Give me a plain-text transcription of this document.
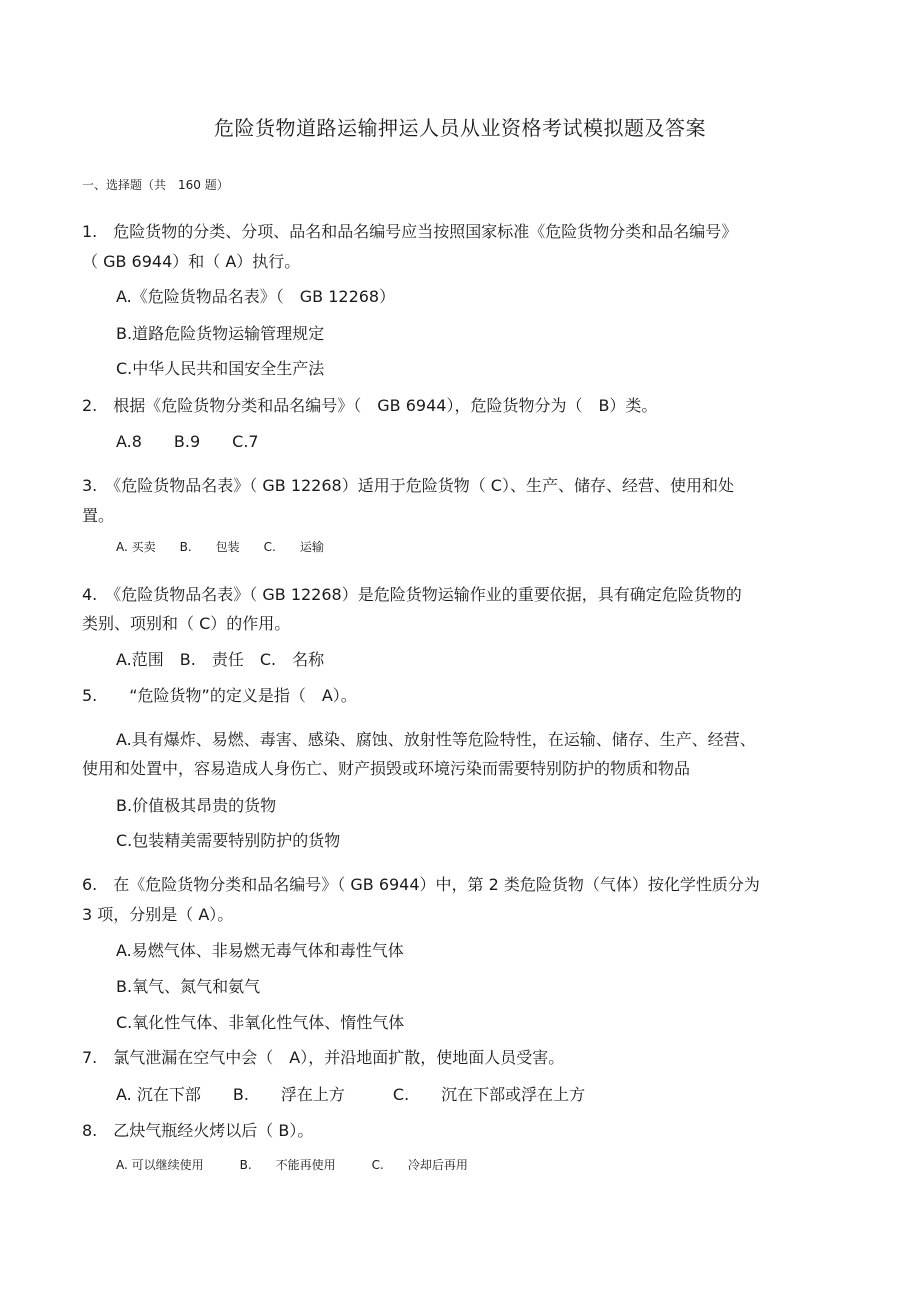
危险货物道路运输押运人员从业资格考试模拟题及答案
一、选择题（共　160 题）
1.　危险货物的分类、分项、品名和品名编号应当按照国家标准《危险货物分类和品名编号》
（ GB 6944）和（ A）执行。
A.《危险货物品名表》（　GB 12268）
B.道路危险货物运输管理规定
C.中华人民共和国安全生产法
2.　根据《危险货物分类和品名编号》（　GB 6944），危险货物分为（　B）类。
A.8　　B.9　　C.7
3.　《危险货物品名表》（ GB 12268）适用于危险货物（ C）、生产、储存、经营、使用和处
置。
A. 买卖　　B.　　包装　　C.　　运输
4.　《危险货物品名表》（ GB 12268）是危险货物运输作业的重要依据，具有确定危险货物的
类别、项别和（ C）的作用。
A.范围　B.　责任　C.　名称
5.　　“危险货物”的定义是指（　A）。
A.具有爆炸、易燃、毒害、感染、腐蚀、放射性等危险特性，在运输、储存、生产、经营、
使用和处置中，容易造成人身伤亡、财产损毁或环境污染而需要特别防护的物质和物品
B.价值极其昂贵的货物
C.包装精美需要特别防护的货物
6.　在《危险货物分类和品名编号》（ GB 6944）中，第 2 类危险货物（气体）按化学性质分为
3 项，分别是（ A）。
A.易燃气体、非易燃无毒气体和毒性气体
B.氧气、氮气和氨气
C.氧化性气体、非氧化性气体、惰性气体
7.　氯气泄漏在空气中会（　A），并沿地面扩散，使地面人员受害。
A. 沉在下部　　B.　　浮在上方　　　C.　　沉在下部或浮在上方
8.　乙炔气瓶经火烤以后（ B）。
A. 可以继续使用　　　B.　　不能再使用　　　C.　　冷却后再用
